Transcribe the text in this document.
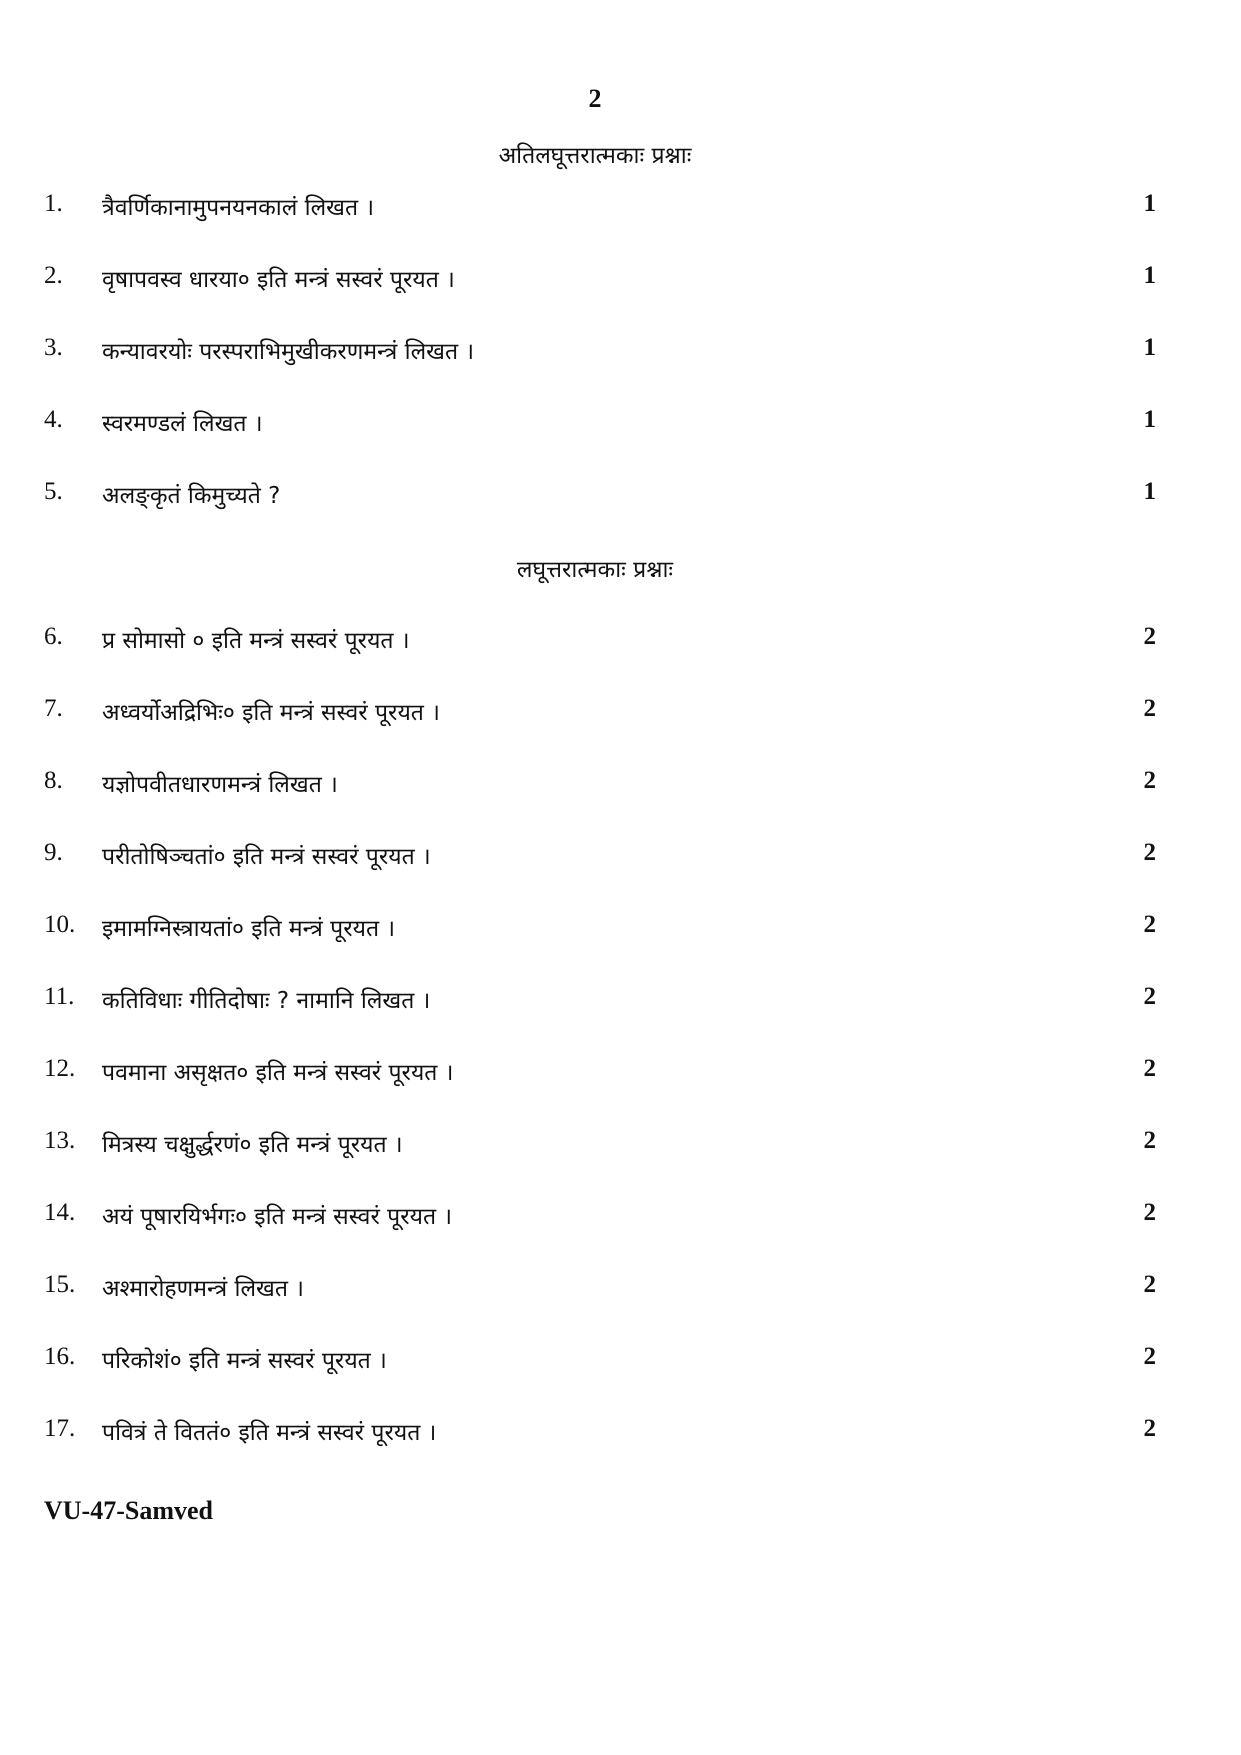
2
अतिलघूत्तरात्मकाः प्रश्नाः
1.	त्रैवर्णिकानामुपनयनकालं लिखत ।	1
2.	वृषापवस्व धारया० इति मन्त्रं सस्वरं पूरयत ।	1
3.	कन्यावरयोः परस्पराभिमुखीकरणमन्त्रं लिखत ।	1
4.	स्वरमण्डलं लिखत ।	1
5.	अलङ्कृतं किमुच्यते ?	1
लघूत्तरात्मकाः प्रश्नाः
6.	प्र सोमासो ० इति मन्त्रं सस्वरं पूरयत ।	2
7.	अध्वर्योअद्रिभिः० इति मन्त्रं सस्वरं पूरयत ।	2
8.	यज्ञोपवीतधारणमन्त्रं लिखत ।	2
9.	परीतोषिञ्चतां० इति मन्त्रं सस्वरं पूरयत ।	2
10.	इमामग्निस्त्रायतां० इति मन्त्रं पूरयत ।	2
11.	कतिविधाः गीतिदोषाः ? नामानि लिखत ।	2
12.	पवमाना असृक्षत० इति मन्त्रं सस्वरं पूरयत ।	2
13.	मित्रस्य चक्षुर्द्धरणं० इति मन्त्रं पूरयत ।	2
14.	अयं पूषारयिर्भगः० इति मन्त्रं सस्वरं पूरयत ।	2
15.	अश्मारोहणमन्त्रं लिखत ।	2
16.	परिकोशं० इति मन्त्रं सस्वरं पूरयत ।	2
17.	पवित्रं ते विततं० इति मन्त्रं सस्वरं पूरयत ।	2
VU-47-Samved
